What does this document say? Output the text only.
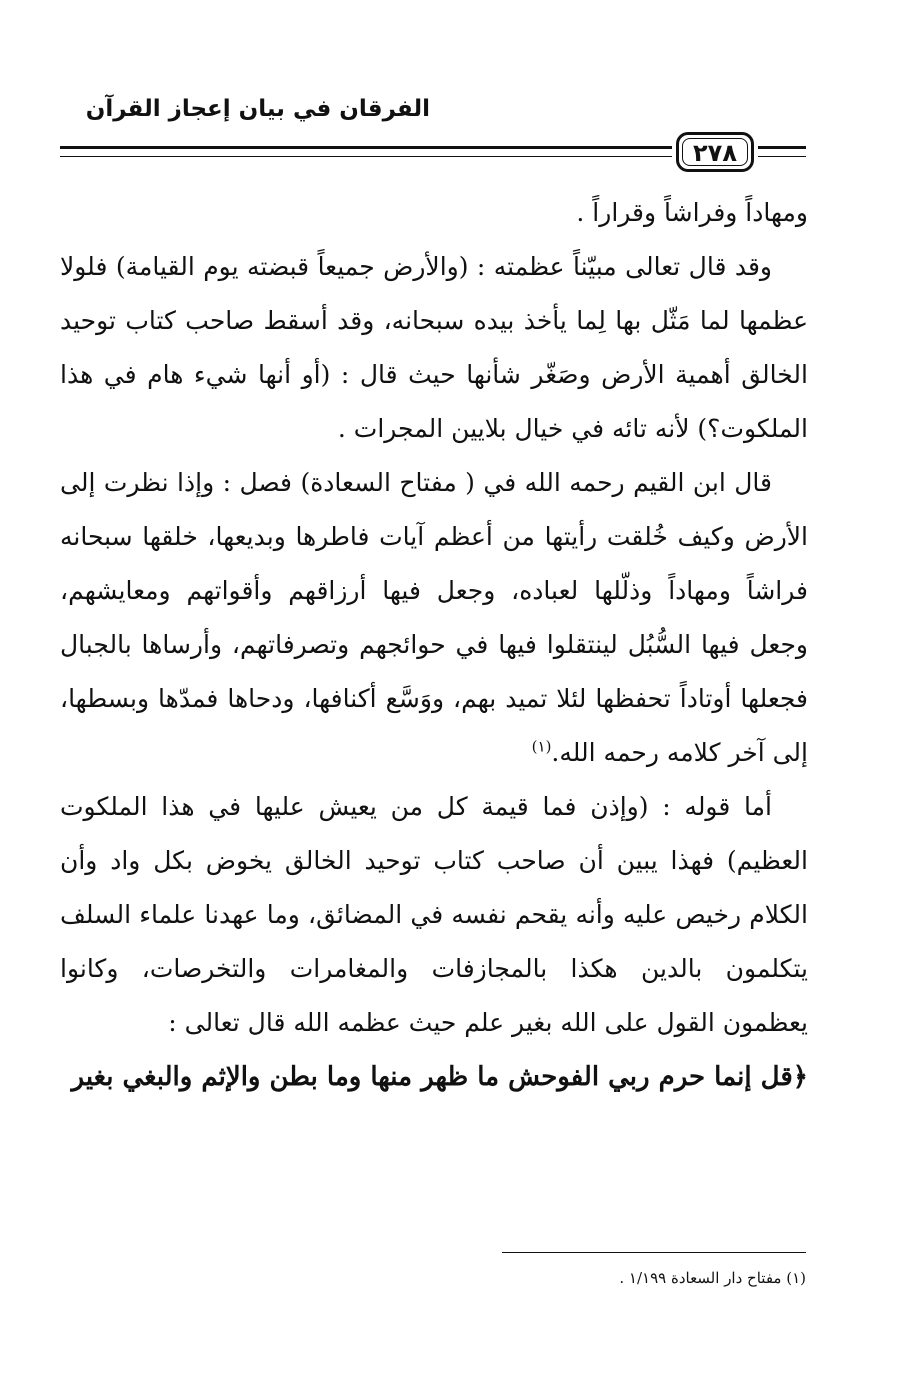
الفرقان في بيان إعجاز القرآن
٢٧٨

ومهاداً وفراشاً وقراراً .

وقد قال تعالى مبيّناً عظمته : (والأرض جميعاً قبضته يوم القيامة) فلولا عظمها لما مَثّل بها لِما يأخذ بيده سبحانه، وقد أسقط صاحب كتاب توحيد الخالق أهمية الأرض وصَغّر شأنها حيث قال : (أو أنها شيء هام في هذا الملكوت؟) لأنه تائه في خيال بلايين المجرات .

قال ابن القيم رحمه الله في ( مفتاح السعادة) فصل : وإذا نظرت إلى الأرض وكيف خُلقت رأيتها من أعظم آيات فاطرها وبديعها، خلقها سبحانه فراشاً ومهاداً وذلّلها لعباده، وجعل فيها أرزاقهم وأقواتهم ومعايشهم، وجعل فيها السُّبُل لينتقلوا فيها في حوائجهم وتصرفاتهم، وأرساها بالجبال فجعلها أوتاداً تحفظها لئلا تميد بهم، ووَسَّع أكنافها، ودحاها فمدّها وبسطها، إلى آخر كلامه رحمه الله.$^{(١)}$

أما قوله : (وإذن فما قيمة كل من يعيش عليها في هذا الملكوت العظيم) فهذا يبين أن صاحب كتاب توحيد الخالق يخوض بكل واد وأن الكلام رخيص عليه وأنه يقحم نفسه في المضائق، وما عهدنا علماء السلف يتكلمون بالدين هكذا بالمجازفات والمغامرات والتخرصات، وكانوا يعظمون القول على الله بغير علم حيث عظمه الله قال تعالى :

﴿قل إنما حرم ربي الفوحش ما ظهر منها وما بطن والإثم والبغي بغير

(١) مفتاح دار السعادة ١/١٩٩ .
